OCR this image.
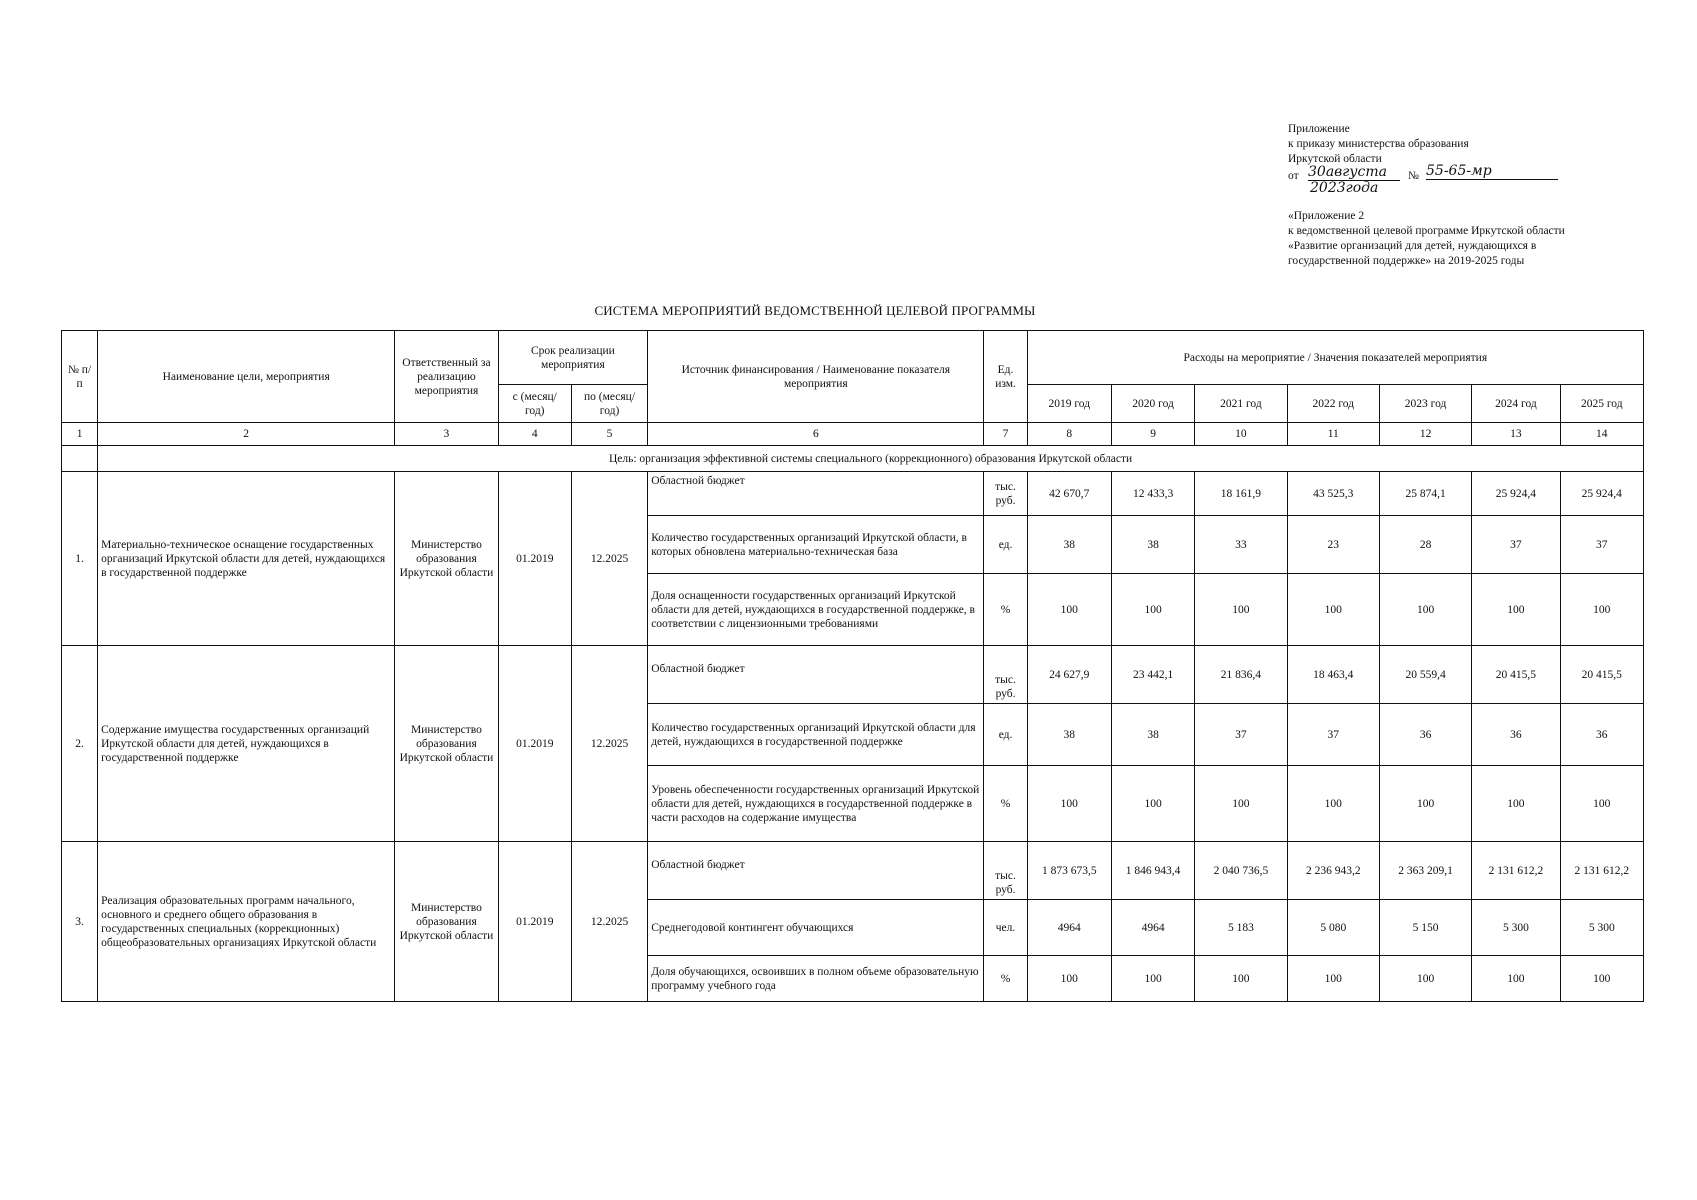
Приложение
к приказу министерства образования
Иркутской области
от 30августа
2023года
№ 55-65-мр
«Приложение 2
к ведомственной целевой программе Иркутской области
«Развитие организаций для детей, нуждающихся в
государственной поддержке» на 2019-2025 годы
СИСТЕМА МЕРОПРИЯТИЙ ВЕДОМСТВЕННОЙ ЦЕЛЕВОЙ ПРОГРАММЫ
№ п/п	Наименование цели, мероприятия	Ответственный за реализацию мероприятия	Срок реализации мероприятия		Источник финансирования / Наименование показателя мероприятия	Ед. изм.	Расходы на мероприятие / Значения показателей мероприятия						
			с (месяц/ год)	по (месяц/ год)			2019 год	2020 год	2021 год	2022 год	2023 год	2024 год	2025 год
1	2	3	4	5	6	7	8	9	10	11	12	13	14
	Цель: организация эффективной системы специального (коррекционного) образования Иркутской области												
1.	Материально-техническое оснащение государственных организаций Иркутской области для детей, нуждающихся в государственной поддержке	Министерство образования Иркутской области	01.2019	12.2025	Областной бюджет	тыс. руб.	42 670,7	12 433,3	18 161,9	43 525,3	25 874,1	25 924,4	25 924,4
					Количество государственных организаций Иркутской области, в которых обновлена материально-техническая база	ед.	38	38	33	23	28	37	37
					Доля оснащенности государственных организаций Иркутской области для детей, нуждающихся в государственной поддержке, в соответствии с лицензионными требованиями	%	100	100	100	100	100	100	100
2.	Содержание имущества государственных организаций Иркутской области для детей, нуждающихся в государственной поддержке	Министерство образования Иркутской области	01.2019	12.2025	Областной бюджет	тыс. руб.	24 627,9	23 442,1	21 836,4	18 463,4	20 559,4	20 415,5	20 415,5
					Количество государственных организаций Иркутской области для детей, нуждающихся в государственной поддержке	ед.	38	38	37	37	36	36	36
					Уровень обеспеченности государственных организаций Иркутской области для детей, нуждающихся в государственной поддержке в части расходов на содержание имущества	%	100	100	100	100	100	100	100
3.	Реализация образовательных программ начального, основного и среднего общего образования в государственных специальных (коррекционных) общеобразовательных организациях Иркутской области	Министерство образования Иркутской области	01.2019	12.2025	Областной бюджет	тыс. руб.	1 873 673,5	1 846 943,4	2 040 736,5	2 236 943,2	2 363 209,1	2 131 612,2	2 131 612,2
					Среднегодовой контингент обучающихся	чел.	4964	4964	5 183	5 080	5 150	5 300	5 300
					Доля обучающихся, освоивших в полном объеме образовательную программу учебного года	%	100	100	100	100	100	100	100
